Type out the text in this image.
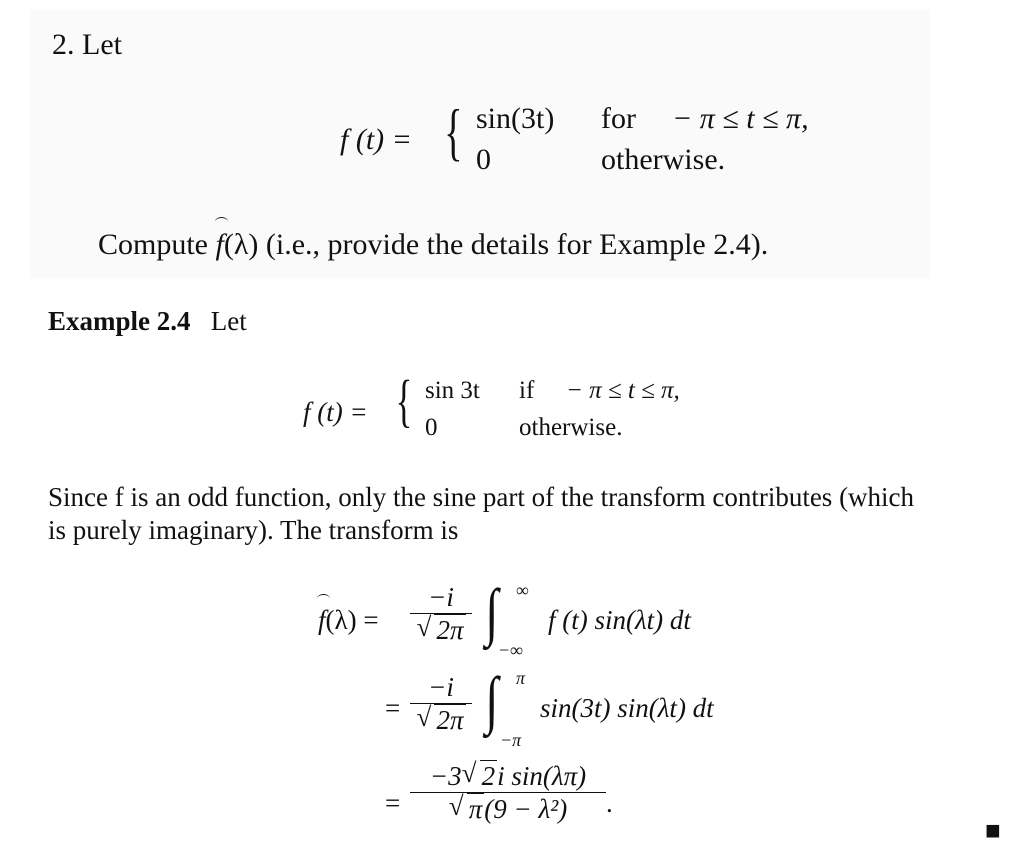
2. Let
f (t) = { sin(3t) for − π ≤ t ≤ π,
0	otherwise.
Compute f(λ) (i.e., provide the details for Example 2.4).
Example 2.4 Let
f (t) = { sin 3t if − π ≤ t ≤ π,
0	otherwise.
Since f is an odd function, only the sine part of the transform contributes (which
is purely imaginary). The transform is
f(λ) = −i
√ 2π ∫ ∞
−∞
f (t) sin(λt) dt
= −i
√ 2π ∫ π
−π
sin(3t) sin(λt) dt
= −3√ 2i sin(λπ)
√ π(9 − λ²) .
■
